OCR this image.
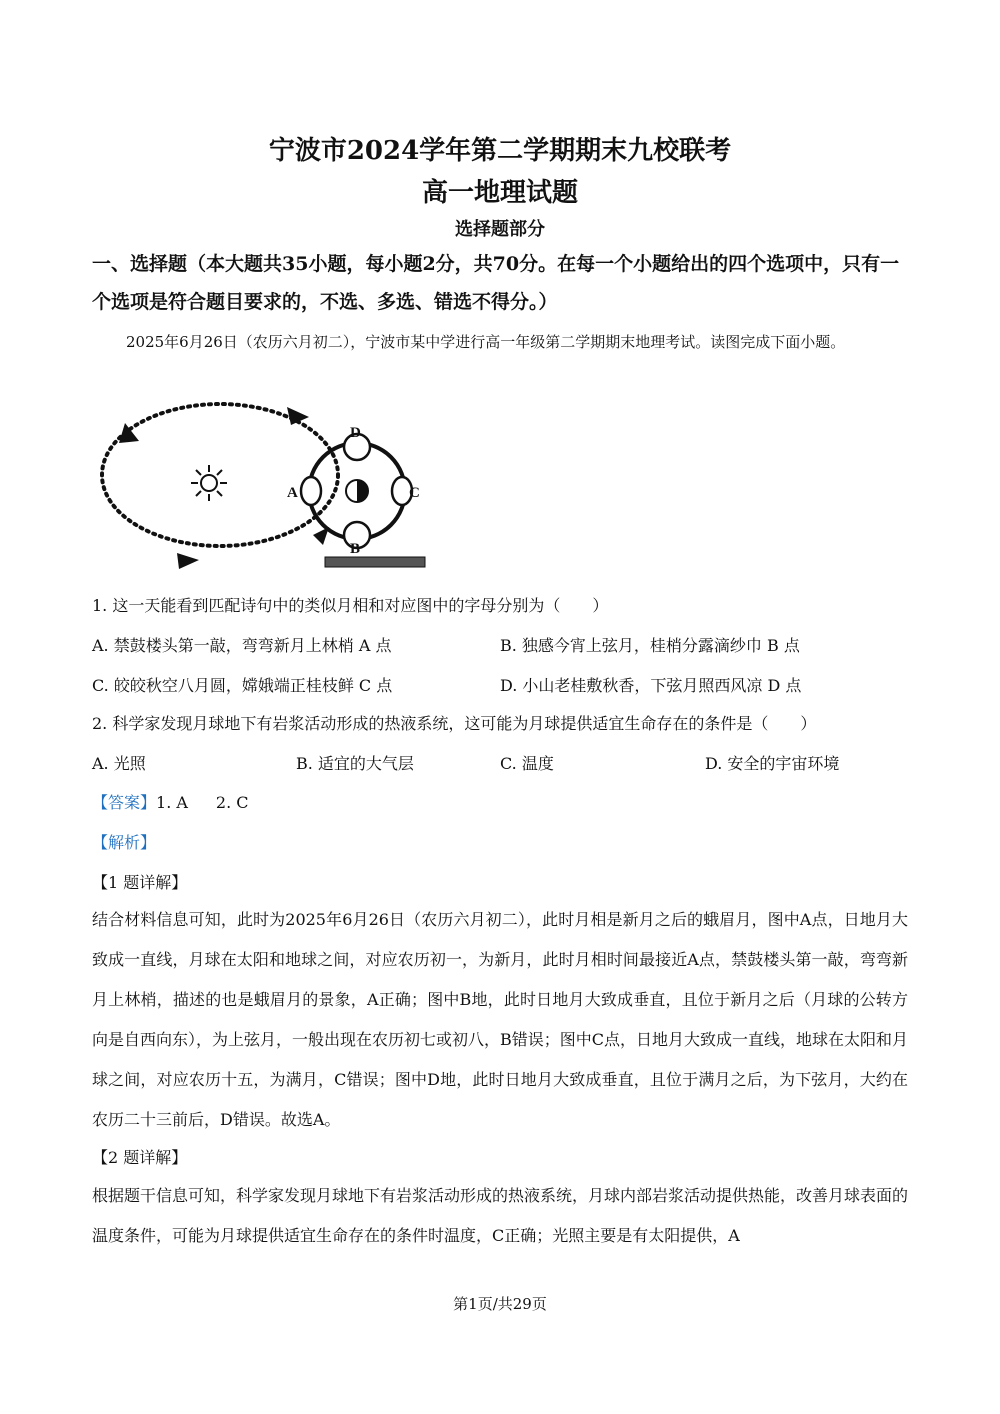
宁波市2024学年第二学期期末九校联考
高一地理试题
选择题部分
一、选择题（本大题共35小题，每小题2分，共70分。在每一个小题给出的四个选项中，只有一个选项是符合题目要求的，不选、多选、错选不得分。）
2025年6月26日（农历六月初二），宁波市某中学进行高一年级第二学期期末地理考试。读图完成下面小题。
D
A	C
B
1. 这一天能看到匹配诗句中的类似月相和对应图中的字母分别为（　　）
A. 禁鼓楼头第一敲，弯弯新月上林梢 A 点	B. 独感今宵上弦月，桂梢分露滴纱巾 B 点
C. 皎皎秋空八月圆，嫦娥端正桂枝鲜 C 点	D. 小山老桂敷秋香，下弦月照西风凉 D 点
2. 科学家发现月球地下有岩浆活动形成的热液系统，这可能为月球提供适宜生命存在的条件是（　　）
A. 光照	B. 适宜的大气层	C. 温度	D. 安全的宇宙环境
【答案】1. A 2. C
【解析】
【1 题详解】
结合材料信息可知，此时为2025年6月26日（农历六月初二），此时月相是新月之后的蛾眉月，图中A点，日地月大致成一直线，月球在太阳和地球之间，对应农历初一，为新月，此时月相时间最接近A点，禁鼓楼头第一敲，弯弯新月上林梢，描述的也是蛾眉月的景象，A正确；图中B地，此时日地月大致成垂直，且位于新月之后（月球的公转方向是自西向东），为上弦月，一般出现在农历初七或初八，B错误；图中C点，日地月大致成一直线，地球在太阳和月球之间，对应农历十五，为满月，C错误；图中D地，此时日地月大致成垂直，且位于满月之后，为下弦月，大约在农历二十三前后，D错误。故选A。
【2 题详解】
根据题干信息可知，科学家发现月球地下有岩浆活动形成的热液系统，月球内部岩浆活动提供热能，改善月球表面的温度条件，可能为月球提供适宜生命存在的条件时温度，C正确；光照主要是有太阳提供，A
第1页/共29页
